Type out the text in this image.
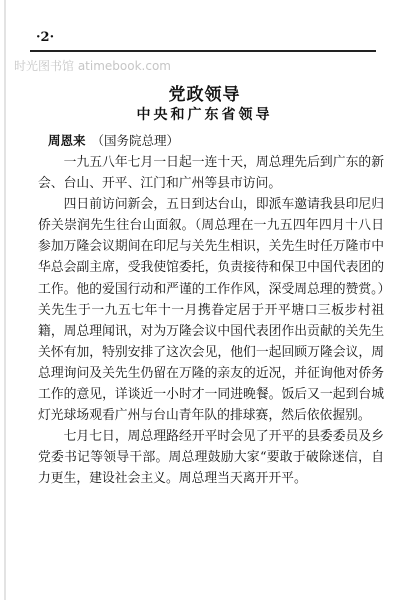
·2·
时光图书馆 atimebook.com
党政领导
中央和广东省领导
周恩来 （国务院总理）

一九五八年七月一日起一连十天，周总理先后到广东的新会、台山、开平、江门和广州等县市访问。

四日前访问新会，五日到达台山，即派车邀请我县印尼归侨关崇润先生往台山面叙。（周总理在一九五四年四月十八日参加万隆会议期间在印尼与关先生相识，关先生时任万隆市中华总会副主席，受我使馆委托，负责接待和保卫中国代表团的工作。他的爱国行动和严谨的工作作风，深受周总理的赞赏。）关先生于一九五七年十一月携眷定居于开平塘口三板步村祖籍，周总理闻讯，对为万隆会议中国代表团作出贡献的关先生关怀有加，特别安排了这次会见，他们一起回顾万隆会议，周总理询问及关先生仍留在万隆的亲友的近况，并征询他对侨务工作的意见，详谈近一小时才一同进晚餐。饭后又一起到台城灯光球场观看广州与台山青年队的排球赛，然后依依握别。

七月七日，周总理路经开平时会见了开平的县委委员及乡党委书记等领导干部。周总理鼓励大家“要敢于破除迷信，自力更生，建设社会主义。周总理当天离开开平。
